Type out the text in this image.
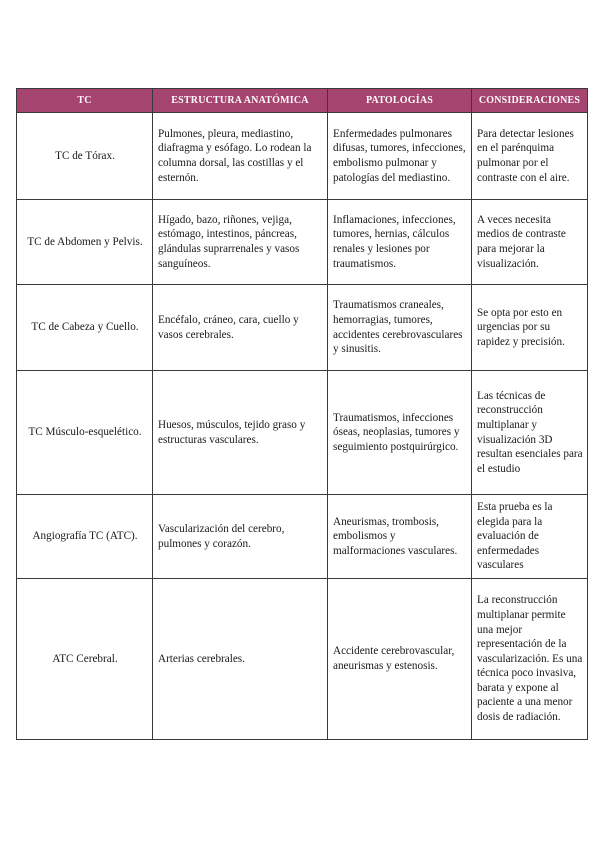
TC	ESTRUCTURA ANATÓMICA	PATOLOGÍAS	CONSIDERACIONES
TC de Tórax.	Pulmones, pleura, mediastino, diafragma y esófago. Lo rodean la columna dorsal, las costillas y el esternón.	Enfermedades pulmonares difusas, tumores, infecciones, embolismo pulmonar y patologías del mediastino.	Para detectar lesiones en el parénquima pulmonar por el contraste con el aire.
TC de Abdomen y Pelvis.	Hígado, bazo, riñones, vejiga, estómago, intestinos, páncreas, glándulas suprarrenales y vasos sanguíneos.	Inflamaciones, infecciones, tumores, hernias, cálculos renales y lesiones por traumatismos.	A veces necesita medios de contraste para mejorar la visualización.
TC de Cabeza y Cuello.	Encéfalo, cráneo, cara, cuello y vasos cerebrales.	Traumatismos craneales, hemorragias, tumores, accidentes cerebrovasculares y sinusitis.	Se opta por esto en urgencias por su rapidez y precisión.
TC Músculo-esquelético.	Huesos, músculos, tejido graso y estructuras vasculares.	Traumatismos, infecciones óseas, neoplasias, tumores y seguimiento postquirúrgico.	Las técnicas de reconstrucción multiplanar y visualización 3D resultan esenciales para el estudio
Angiografía TC (ATC).	Vascularización del cerebro, pulmones y corazón.	Aneurismas, trombosis, embolismos y malformaciones vasculares.	Esta prueba es la elegida para la evaluación de enfermedades vasculares
ATC Cerebral.	Arterias cerebrales.	Accidente cerebrovascular, aneurismas y estenosis.	La reconstrucción multiplanar permite una mejor representación de la vascularización. Es una técnica poco invasiva, barata y expone al paciente a una menor dosis de radiación.
